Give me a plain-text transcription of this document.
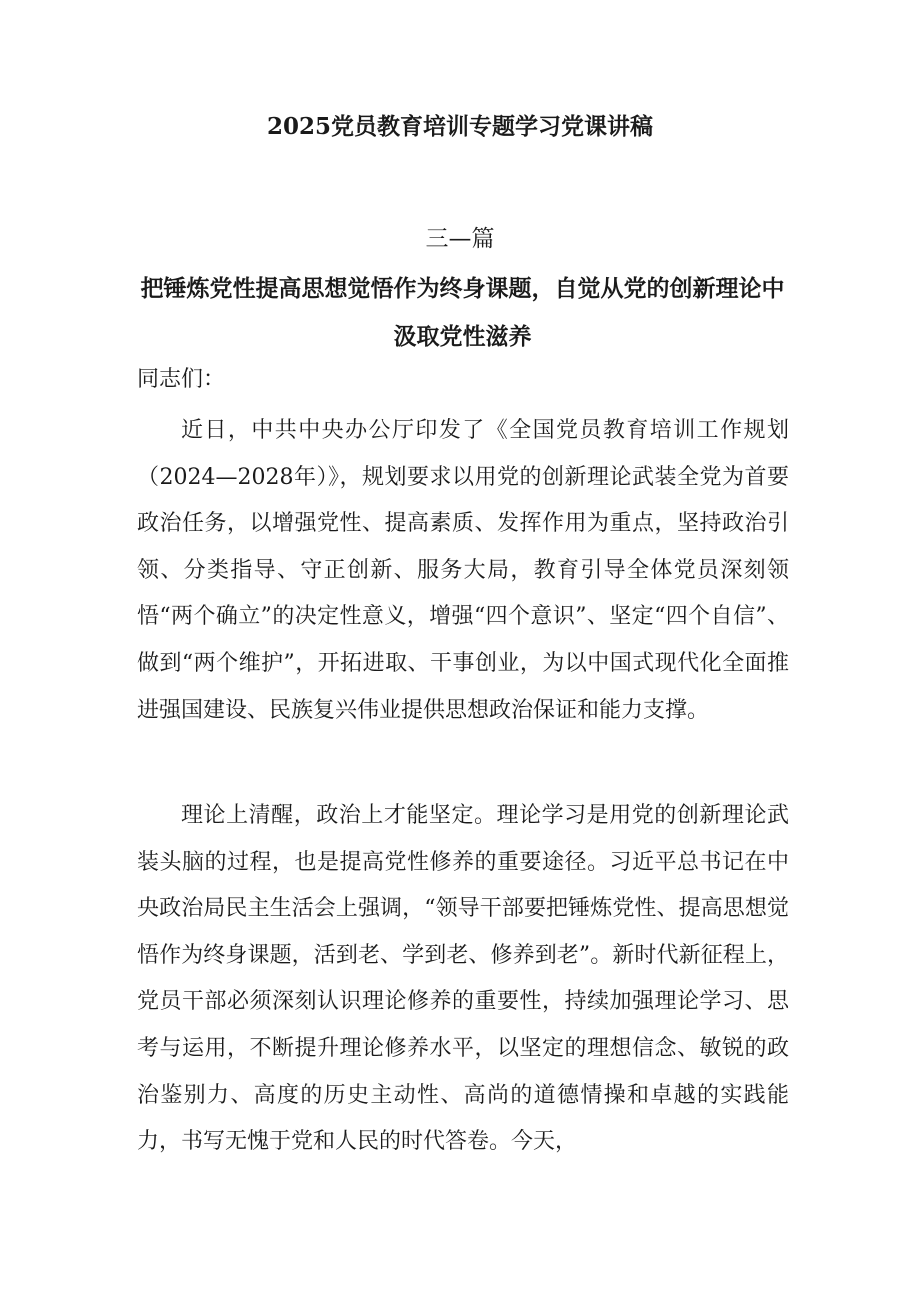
2025党员教育培训专题学习党课讲稿
三—篇
把锤炼党性提高思想觉悟作为终身课题，自觉从党的创新理论中汲取党性滋养

同志们：

近日，中共中央办公厅印发了《全国党员教育培训工作规划（2024—2028年）》，规划要求以用党的创新理论武装全党为首要政治任务，以增强党性、提高素质、发挥作用为重点，坚持政治引领、分类指导、守正创新、服务大局，教育引导全体党员深刻领悟“两个确立”的决定性意义，增强“四个意识”、坚定“四个自信”、做到“两个维护”，开拓进取、干事创业，为以中国式现代化全面推进强国建设、民族复兴伟业提供思想政治保证和能力支撑。

理论上清醒，政治上才能坚定。理论学习是用党的创新理论武装头脑的过程，也是提高党性修养的重要途径。习近平总书记在中央政治局民主生活会上强调，“领导干部要把锤炼党性、提高思想觉悟作为终身课题，活到老、学到老、修养到老”。新时代新征程上，党员干部必须深刻认识理论修养的重要性，持续加强理论学习、思考与运用，不断提升理论修养水平，以坚定的理想信念、敏锐的政治鉴别力、高度的历史主动性、高尚的道德情操和卓越的实践能力，书写无愧于党和人民的时代答卷。今天，
